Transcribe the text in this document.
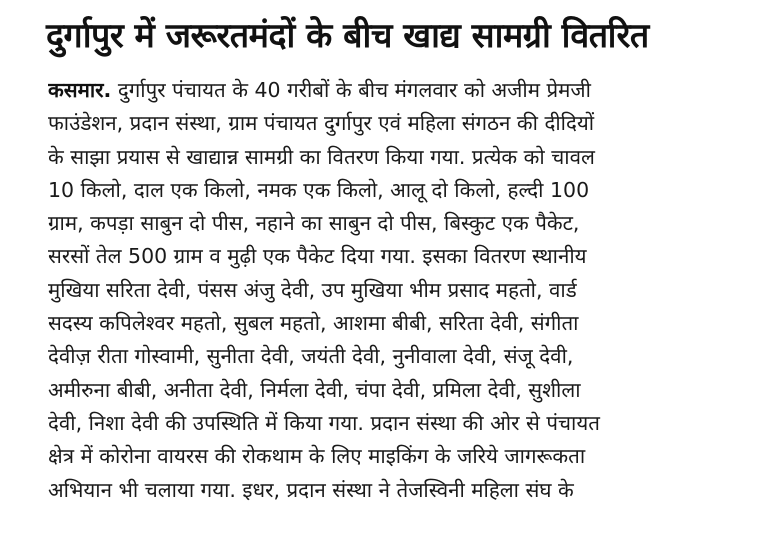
दुर्गापुर में जरूरतमंदों के बीच खाद्य सामग्री वितरित
कसमार. दुर्गापुर पंचायत के 40 गरीबों के बीच मंगलवार को अजीम प्रेमजी
फाउंडेशन, प्रदान संस्था, ग्राम पंचायत दुर्गापुर एवं महिला संगठन की दीदियों
के साझा प्रयास से खाद्यान्न सामग्री का वितरण किया गया. प्रत्येक को चावल
10 किलो, दाल एक किलो, नमक एक किलो, आलू दो किलो, हल्दी 100
ग्राम, कपड़ा साबुन दो पीस, नहाने का साबुन दो पीस, बिस्कुट एक पैकेट,
सरसों तेल 500 ग्राम व मुढ़ी एक पैकेट दिया गया. इसका वितरण स्थानीय
मुखिया सरिता देवी, पंसस अंजु देवी, उप मुखिया भीम प्रसाद महतो, वार्ड
सदस्य कपिलेश्वर महतो, सुबल महतो, आशमा बीबी, सरिता देवी, संगीता
देवीज़ रीता गोस्वामी, सुनीता देवी, जयंती देवी, नुनीवाला देवी, संजू देवी,
अमीरुना बीबी, अनीता देवी, निर्मला देवी, चंपा देवी, प्रमिला देवी, सुशीला
देवी, निशा देवी की उपस्थिति में किया गया. प्रदान संस्था की ओर से पंचायत
क्षेत्र में कोरोना वायरस की रोकथाम के लिए माइकिंग के जरिये जागरूकता
अभियान भी चलाया गया. इधर, प्रदान संस्था ने तेजस्विनी महिला संघ के
